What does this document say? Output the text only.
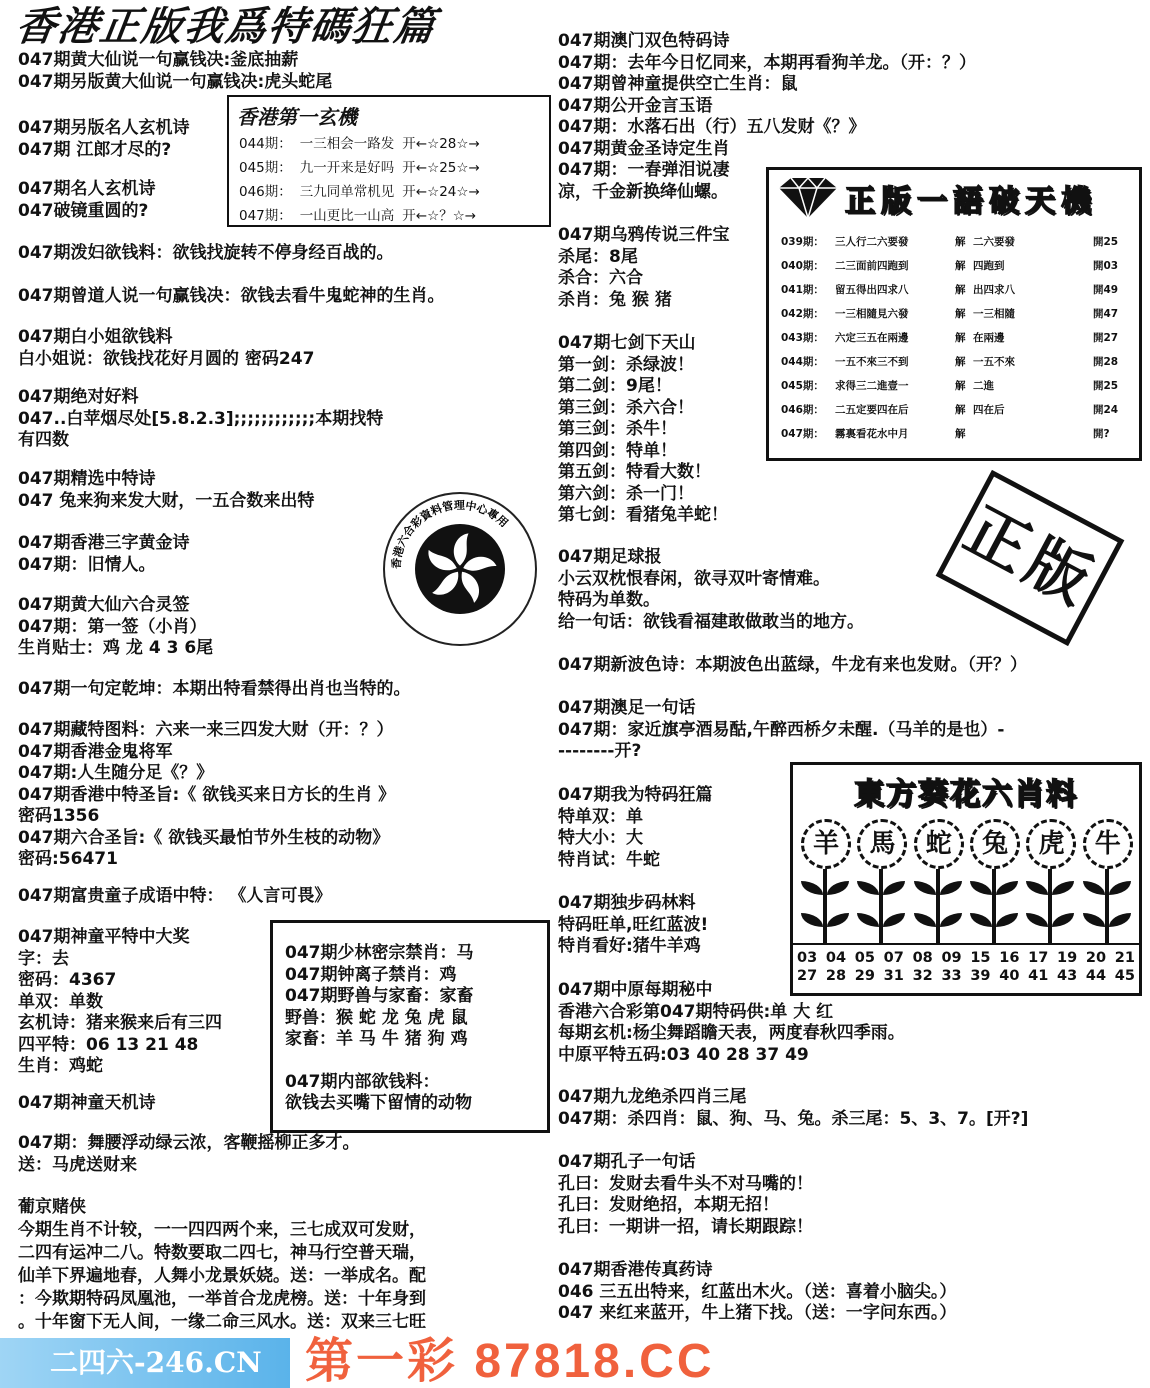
香港正版我爲特碼狂篇
047期黄大仙说一句赢钱决:釜底抽薪
047期另版黄大仙说一句赢钱决:虎头蛇尾
047期另版名人玄机诗
047期 江郎才尽的?
047期名人玄机诗
047破镜重圆的?
047期泼妇欲钱料：欲钱找旋转不停身经百战的。
047期曾道人说一句赢钱决：欲钱去看牛鬼蛇神的生肖。
047期白小姐欲钱料
白小姐说：欲钱找花好月圆的 密码247
047期绝对好料
047..白苹烟尽处[5.8.2.3];;;;;;;;;;;;本期找特
有四数
047期精选中特诗
047 兔来狗来发大财，一五合数来出特
047期香港三字黄金诗
047期：旧情人。
047期黄大仙六合灵签
047期：第一签（小肖）
生肖贴士：鸡 龙 4 3 6尾
047期一句定乾坤：本期出特看禁得出肖也当特的。
047期藏特图料：六来一来三四发大财（开：？）
047期香港金鬼将军
047期:人生随分足《？》
047期香港中特圣旨:《 欲钱买来日方长的生肖 》
密码1356
047期六合圣旨:《 欲钱买最怕节外生枝的动物》
密码:56471
047期富贵童子成语中特： 《人言可畏》
047期神童平特中大奖
字：去
密码：4367
单双：单数
玄机诗：猪来猴来后有三四
四平特：06 13 21 48
生肖：鸡蛇
047期神童天机诗
047期：舞腰浮动绿云浓，客鞭摇柳正多才。
送：马虎送财来
葡京赌侠
今期生肖不计较，一一四四两个来，三七成双可发财，
二四有运冲二八。特数要取二四七，神马行空普天瑞，
仙羊下界遍地春，人舞小龙景妖娆。送：一举成名。配
：今欺期特码凤凰池，一举首合龙虎榜。送：十年身到
。十年窗下无人间，一缘二命三风水。送：双来三七旺
047期澳门双色特码诗
047期：去年今日忆同来，本期再看狗羊龙。（开：？）
047期曾神童提供空亡生肖：鼠
047期公开金言玉语
047期：水落石出（行）五八发财《？》
047期黄金圣诗定生肖
047期：一春弹泪说凄
凉，千金新换绛仙螺。
047期乌鸦传说三件宝
杀尾：8尾
杀合：六合
杀肖：兔 猴 猪
047期七剑下天山
第一剑：杀绿波！
第二剑：9尾！
第三剑：杀六合！
第三剑：杀牛！
第四剑：特单！
第五剑：特看大数！
第六剑：杀一门！
第七剑：看猪兔羊蛇！
047期足球报
小云双枕恨春闲，欲寻双叶寄情难。
特码为单数。
给一句话：欲钱看福建敢做敢当的地方。
047期新波色诗：本期波色出蓝绿，牛龙有来也发财。（开？）
047期澳足一句话
047期：家近旗亭酒易酤,午醉西桥夕未醒.（马羊的是也）-
--------开?
047期我为特码狂篇
特单双：单
特大小：大
特肖试：牛蛇
047期独步码林料
特码旺单,旺红蓝波!
特肖看好:猪牛羊鸡
047期中原每期秘中
香港六合彩第047期特码供:单 大 红
每期玄机:杨尘舞蹈瞻天表，两度春秋四季雨。
中原平特五码:03 40 28 37 49
047期九龙绝杀四肖三尾
047期：杀四肖：鼠、狗、马、兔。杀三尾：5、3、7。[开?]
047期孔子一句话
孔曰：发财去看牛头不对马嘴的！
孔曰：发财绝招，本期无招！
孔曰：一期讲一招，请长期跟踪！
047期香港传真药诗
046 三五出特来，红蓝出木火。（送：喜着小脑尖。）
047 来红来蓝开，牛上猪下找。（送：一字问东西。）
香港六合彩資料管理中心專用
香港第一玄機
044期： 一三相会一路发 开←☆28☆→
045期： 九一开来是好吗 开←☆25☆→
046期： 三九同单常机见 开←☆24☆→
047期： 一山更比一山高 开←☆？☆→	正版一語破天機
039期：	三人行二六要發	解 二六要發	開25
040期：	二三面前四跑到	解 四跑到	開03
041期：	留五得出四求八	解 出四求八	開49
042期：	一三相隨見六發	解 一三相隨	開47
043期：	六定三五在兩邊	解 在兩邊	開27
044期：	一五不來三不到	解 一五不來	開28
045期：	求得三二進壹一	解 二進	開25
046期：	二五定要四在后	解 四在后	開24
047期：	霧裏看花水中月	解	開?
正版
東方葵花六肖料
羊	馬	蛇	兔	虎	牛
03 04 05 07 08 09 15 16 17 19 20 21
27 28 29 31 32 33 39 40 41 43 44 45
047期少林密宗禁肖：马
047期钟离子禁肖：鸡
047期野兽与家畜：家畜
野兽：猴 蛇 龙 兔 虎 鼠
家畜：羊 马 牛 猪 狗 鸡
047期内部欲钱料：
欲钱去买嘴下留情的动物
二四六-246.CN 第一彩 87818.CC
